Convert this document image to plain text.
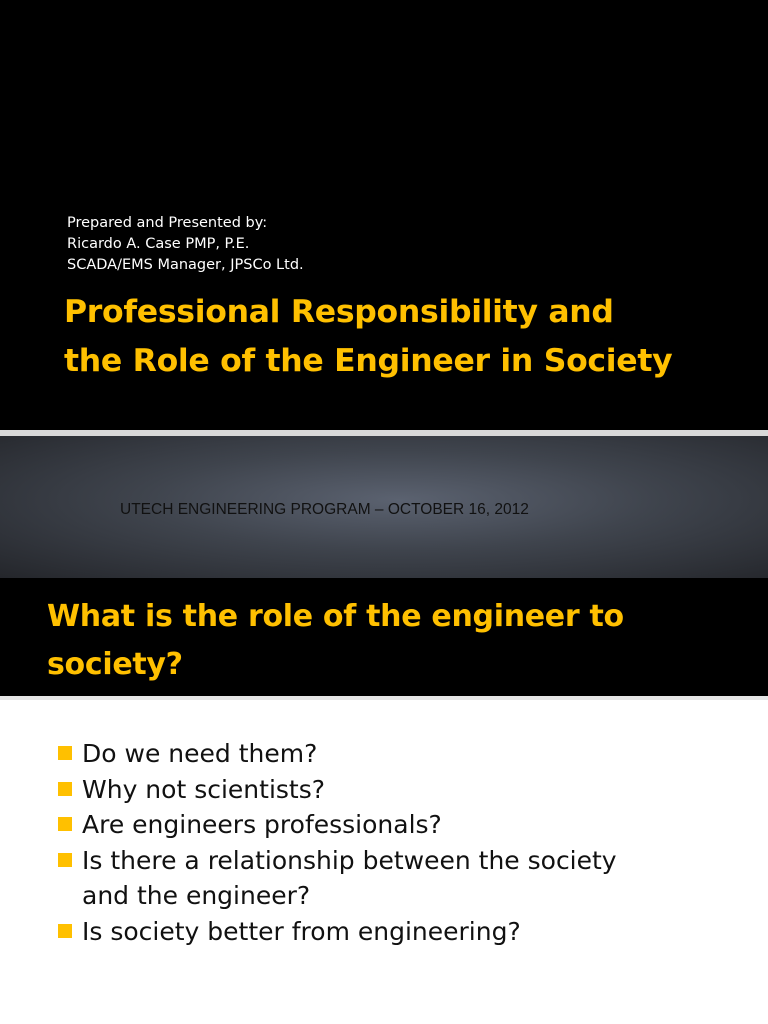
Prepared and Presented by:
Ricardo A. Case PMP, P.E.
SCADA/EMS Manager, JPSCo Ltd.
Professional Responsibility and
the Role of the Engineer in Society
UTECH ENGINEERING PROGRAM – OCTOBER 16, 2012
What is the role of the engineer to
society?
Do we need them?
Why not scientists?
Are engineers professionals?
Is there a relationship between the society
and the engineer?
Is society better from engineering?
